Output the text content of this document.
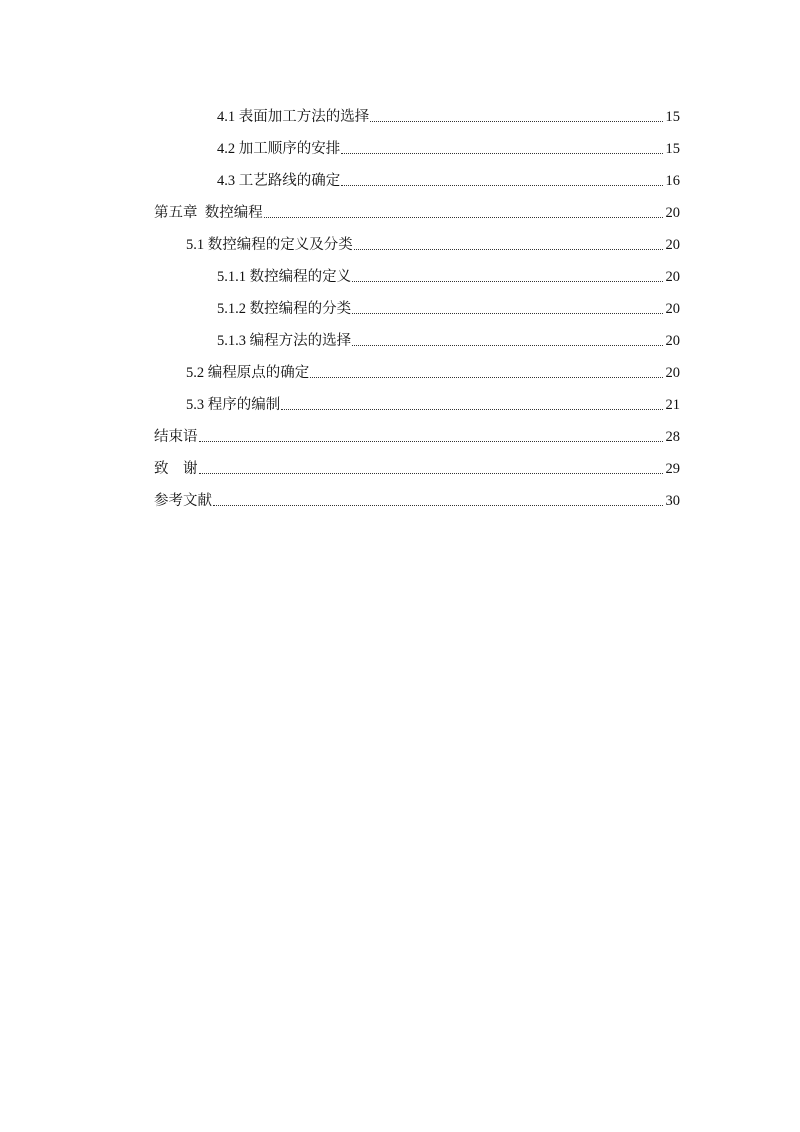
4.1 表面加工方法的选择	15
4.2 加工顺序的安排	15
4.3 工艺路线的确定	16
第五章  数控编程	20
5.1 数控编程的定义及分类	20
5.1.1 数控编程的定义	20
5.1.2 数控编程的分类	20
5.1.3 编程方法的选择	20
5.2 编程原点的确定	20
5.3 程序的编制	21
结束语	28
致    谢	29
参考文献	30
